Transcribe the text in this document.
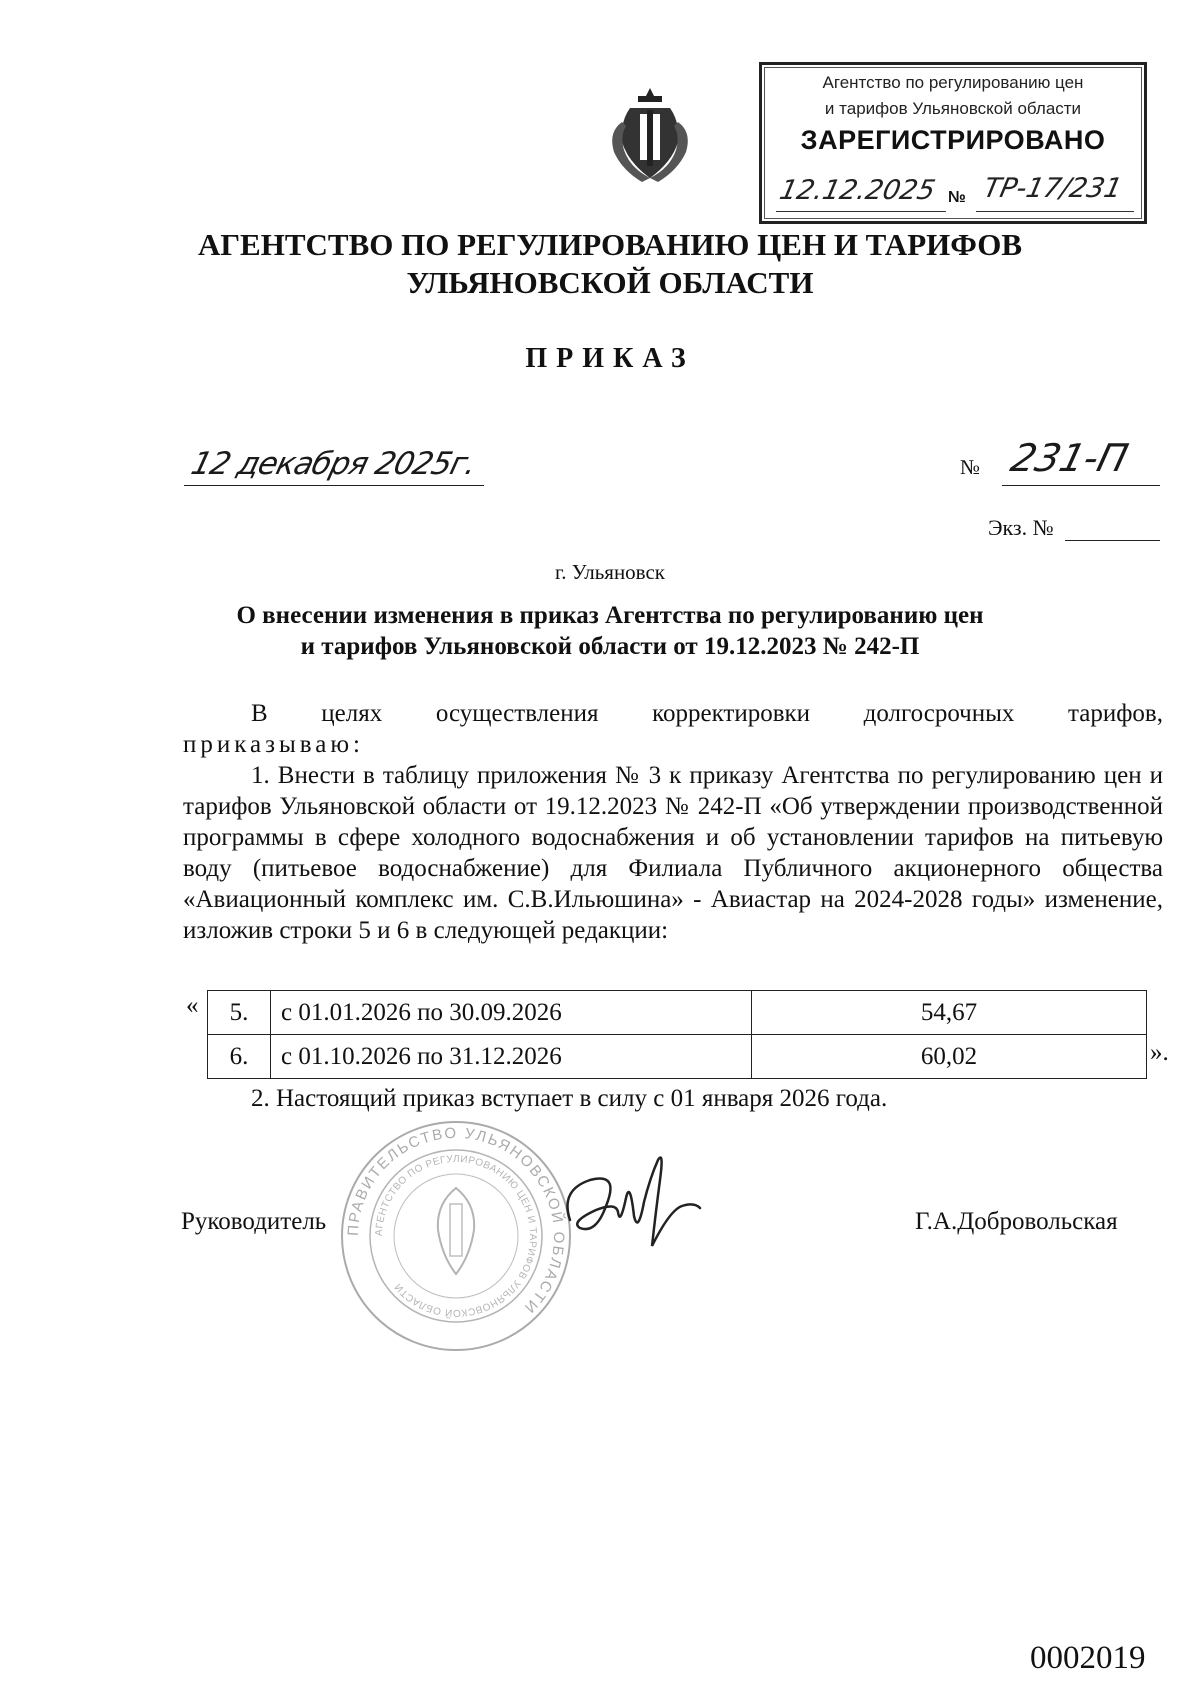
Агентство по регулированию цен
и тарифов Ульяновской области
ЗАРЕГИСТРИРОВАНО
12.12.2025 № ТР-17/231
АГЕНТСТВО ПО РЕГУЛИРОВАНИЮ ЦЕН И ТАРИФОВ
УЛЬЯНОВСКОЙ ОБЛАСТИ
ПРИКАЗ
12 декабря 2025г.	№ 231-П
Экз. №
г. Ульяновск
О внесении изменения в приказ Агентства по регулированию цен
и тарифов Ульяновской области от 19.12.2023 № 242-П
В целях осуществления корректировки долгосрочных тарифов,
приказываю:
1. Внести в таблицу приложения № 3 к приказу Агентства по регулированию цен и тарифов Ульяновской области от 19.12.2023 № 242-П «Об утверждении производственной программы в сфере холодного водоснабжения и об установлении тарифов на питьевую воду (питьевое водоснабжение) для Филиала Публичного акционерного общества «Авиационный комплекс им. С.В.Ильюшина» - Авиастар на 2024-2028 годы» изменение, изложив строки 5 и 6 в следующей редакции:
« 5.	с 01.01.2026 по 30.09.2026	54,67
6.	с 01.10.2026 по 31.12.2026	60,02	».
2. Настоящий приказ вступает в силу с 01 января 2026 года.
ПРАВИТЕЛЬСТВО УЛЬЯНОВСКОЙ ОБЛАСТИ
АГЕНТСТВО ПО РЕГУЛИРОВАНИЮ ЦЕН И ТАРИФОВ УЛЬЯНОВСКОЙ ОБЛАСТИ
Руководитель	Г.А.Добровольская
0002019
